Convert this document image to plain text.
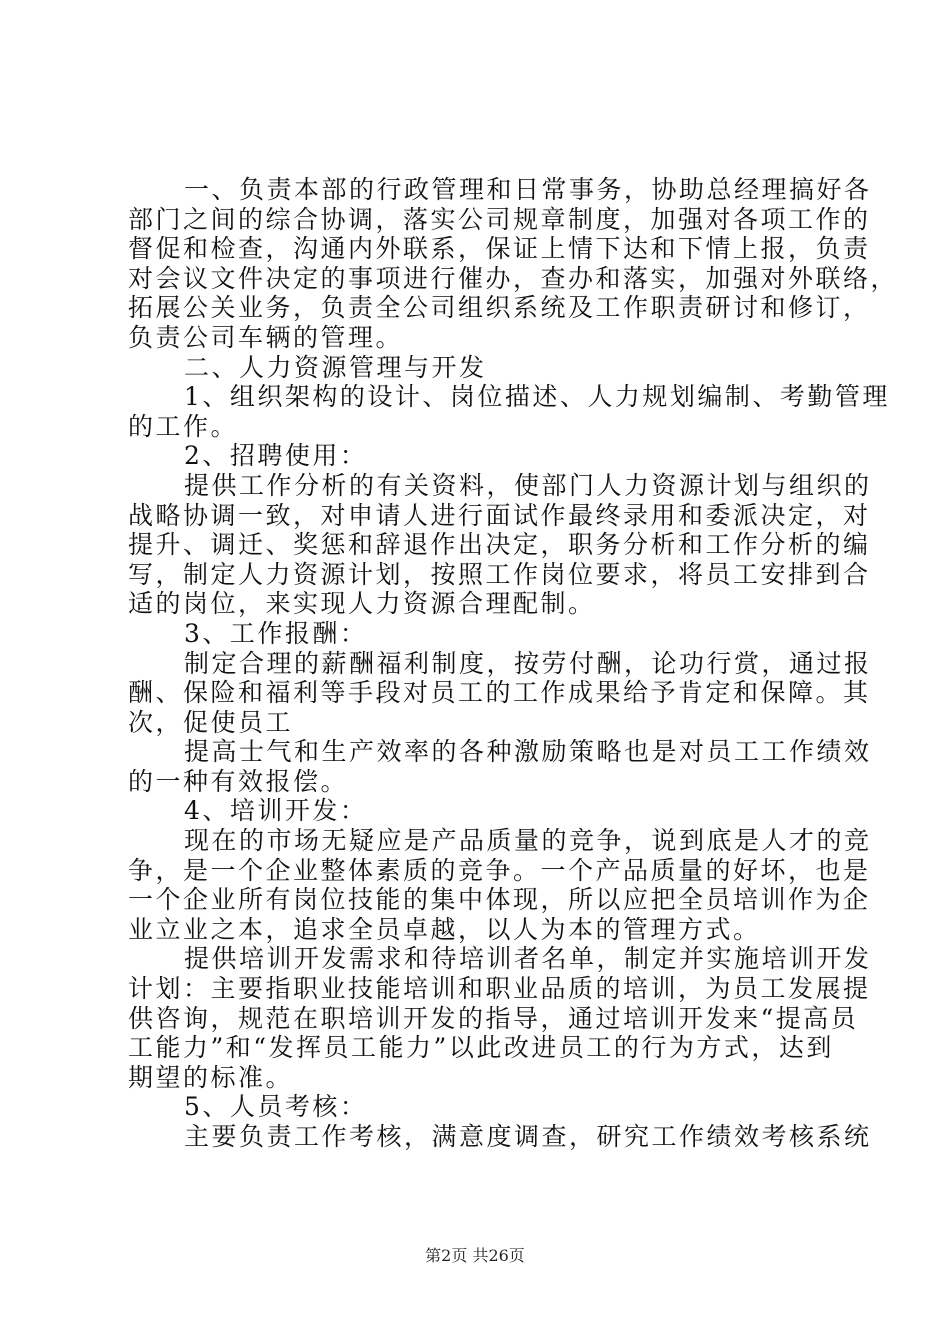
一、负责本部的行政管理和日常事务，协助总经理搞好各
部门之间的综合协调，落实公司规章制度，加强对各项工作的
督促和检查，沟通内外联系，保证上情下达和下情上报，负责
对会议文件决定的事项进行催办，查办和落实，加强对外联络，
拓展公关业务，负责全公司组织系统及工作职责研讨和修订，
负责公司车辆的管理。
二、人力资源管理与开发
1、组织架构的设计、岗位描述、人力规划编制、考勤管理
的工作。
2、招聘使用：
提供工作分析的有关资料，使部门人力资源计划与组织的
战略协调一致，对申请人进行面试作最终录用和委派决定，对
提升、调迁、奖惩和辞退作出决定，职务分析和工作分析的编
写，制定人力资源计划，按照工作岗位要求，将员工安排到合
适的岗位，来实现人力资源合理配制。
3、工作报酬：
制定合理的薪酬福利制度，按劳付酬，论功行赏，通过报
酬、保险和福利等手段对员工的工作成果给予肯定和保障。其
次，促使员工
提高士气和生产效率的各种激励策略也是对员工工作绩效
的一种有效报偿。
4、培训开发：
现在的市场无疑应是产品质量的竞争，说到底是人才的竞
争，是一个企业整体素质的竞争。一个产品质量的好坏，也是
一个企业所有岗位技能的集中体现，所以应把全员培训作为企
业立业之本，追求全员卓越，以人为本的管理方式。
提供培训开发需求和待培训者名单，制定并实施培训开发
计划：主要指职业技能培训和职业品质的培训，为员工发展提
供咨询，规范在职培训开发的指导，通过培训开发来“提高员
工能力”和“发挥员工能力”以此改进员工的行为方式，达到
期望的标准。
5、人员考核：
主要负责工作考核，满意度调查，研究工作绩效考核系统
第2页 共26页
